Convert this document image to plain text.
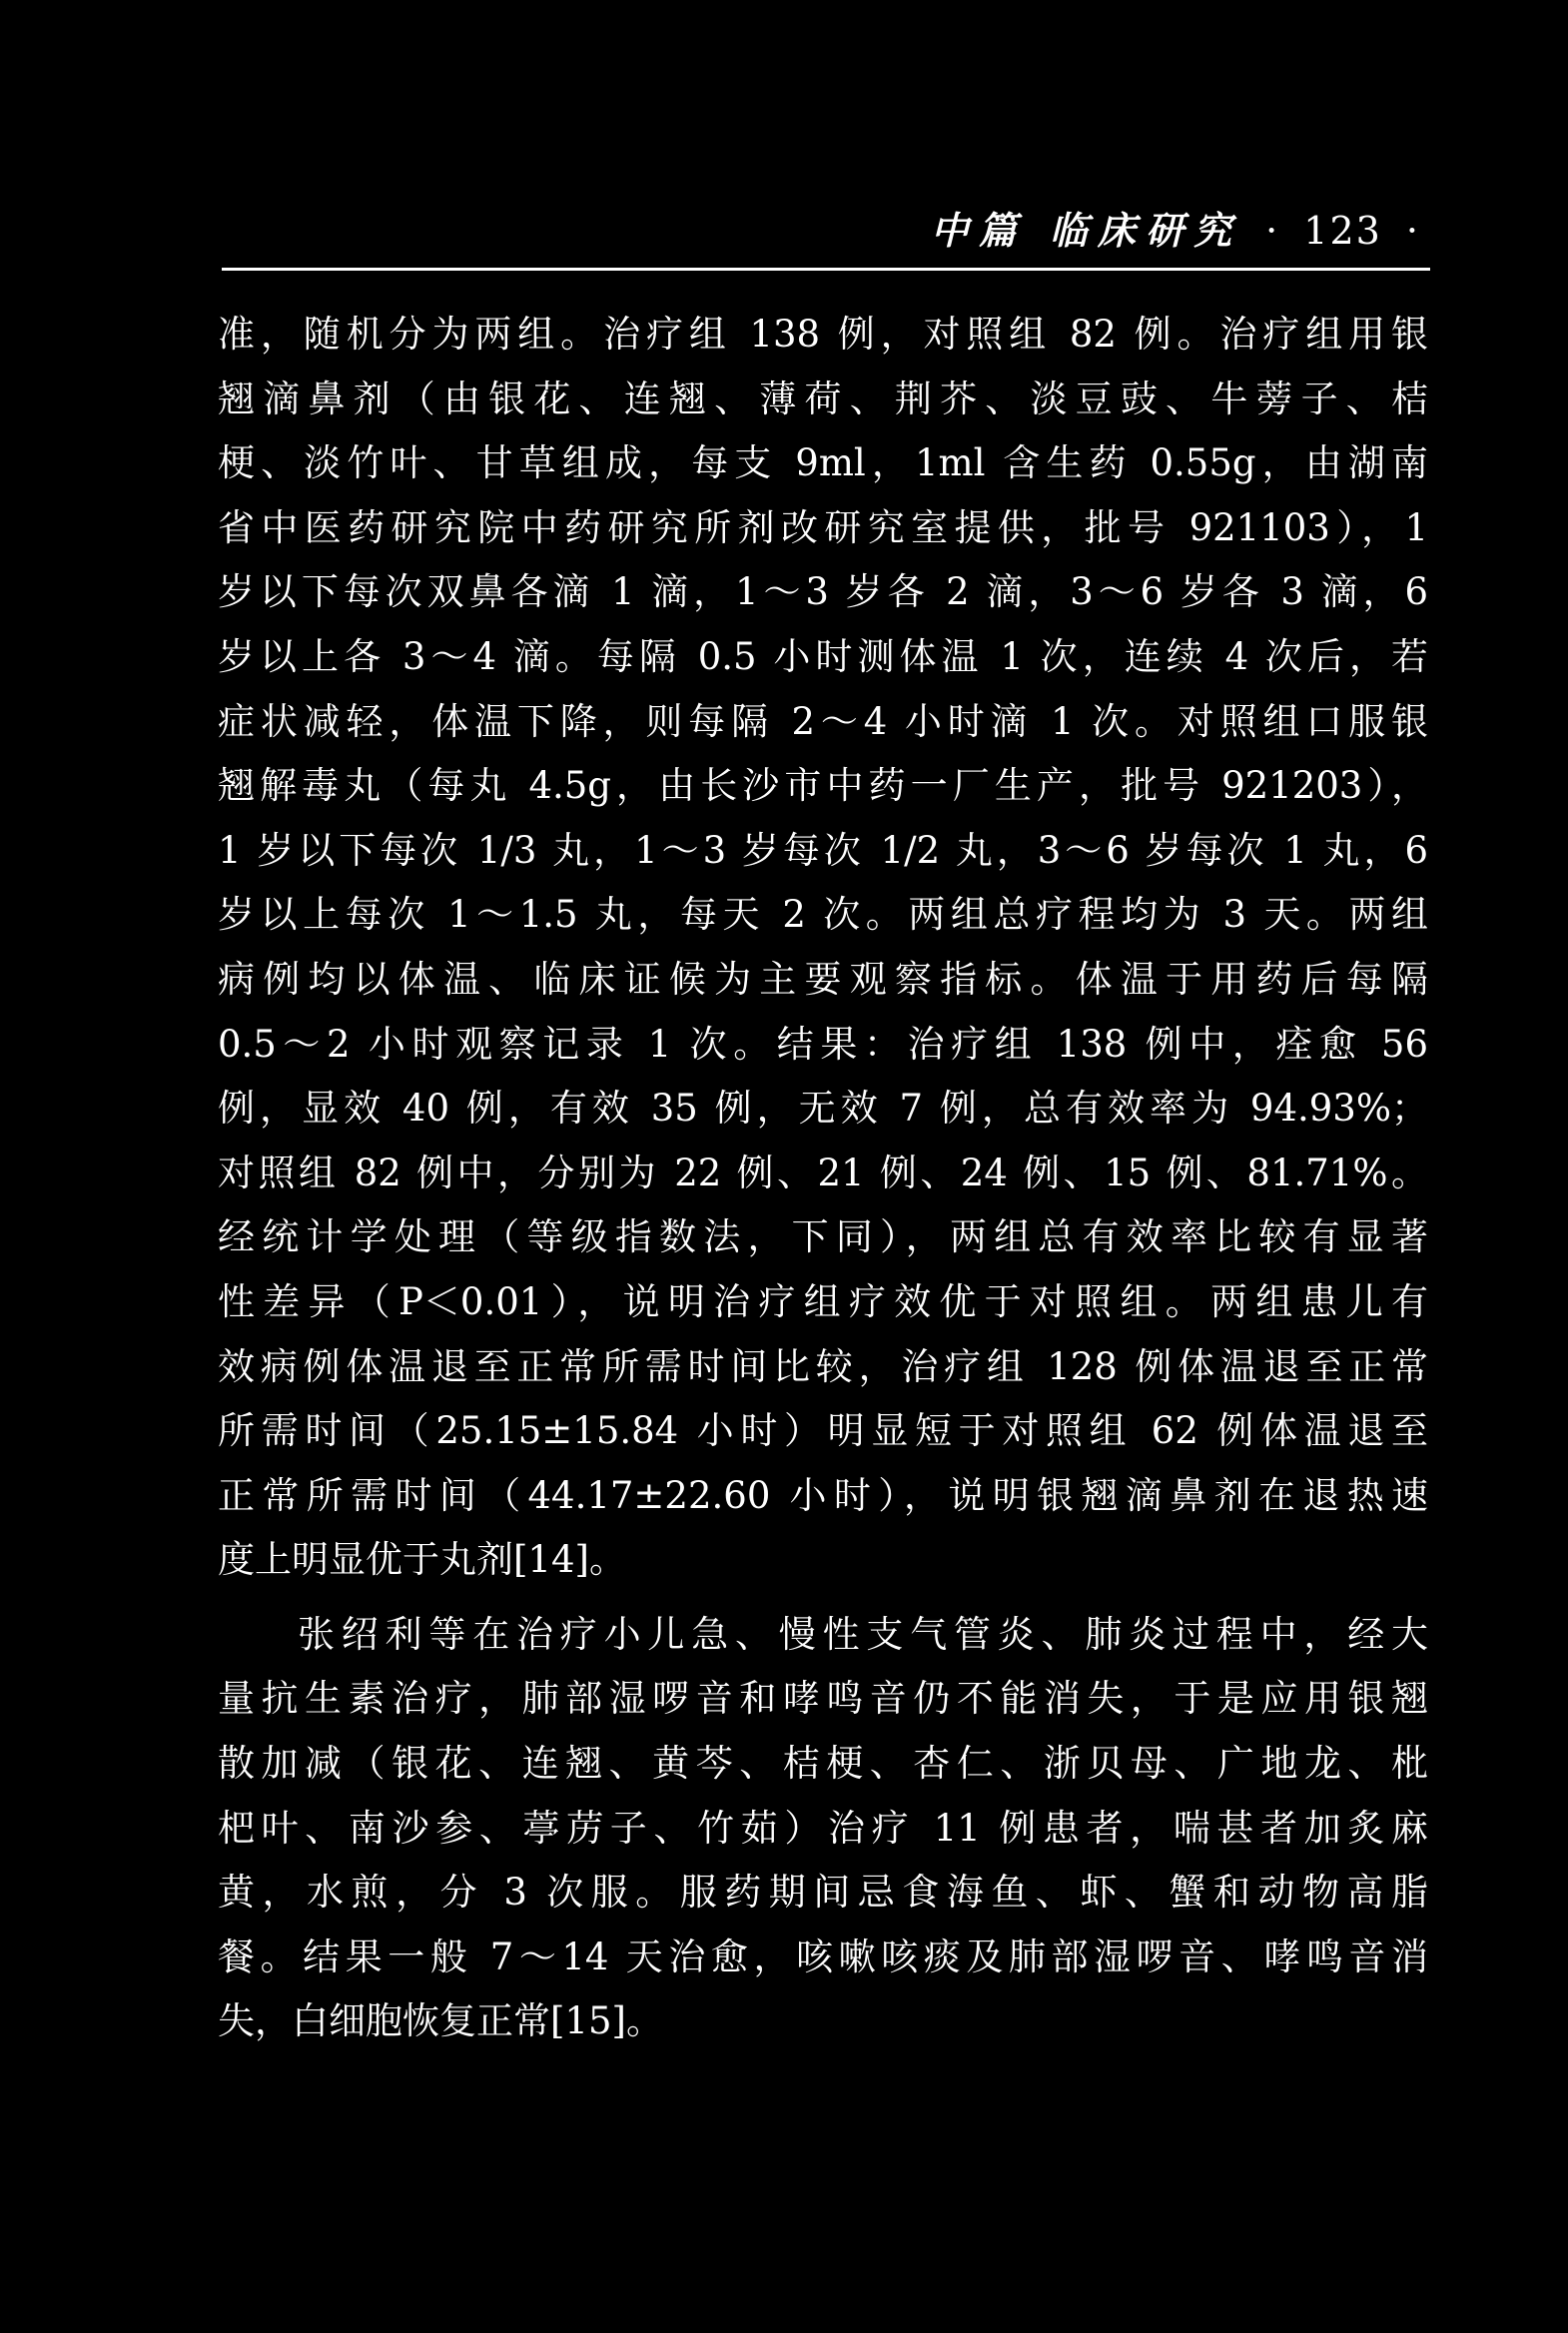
中篇 临床研究 · 123 ·
准，随机分为两组。治疗组 138 例，对照组 82 例。治疗组用银
翘滴鼻剂（由银花、连翘、薄荷、荆芥、淡豆豉、牛蒡子、桔
梗、淡竹叶、甘草组成，每支 9ml，1ml 含生药 0.55g，由湖南
省中医药研究院中药研究所剂改研究室提供，批号 921103），1
岁以下每次双鼻各滴 1 滴，1～3 岁各 2 滴，3～6 岁各 3 滴，6
岁以上各 3～4 滴。每隔 0.5 小时测体温 1 次，连续 4 次后，若
症状减轻，体温下降，则每隔 2～4 小时滴 1 次。对照组口服银
翘解毒丸（每丸 4.5g，由长沙市中药一厂生产，批号 921203），
1 岁以下每次 1/3 丸，1～3 岁每次 1/2 丸，3～6 岁每次 1 丸，6
岁以上每次 1～1.5 丸，每天 2 次。两组总疗程均为 3 天。两组
病例均以体温、临床证候为主要观察指标。体温于用药后每隔
0.5～2 小时观察记录 1 次。结果：治疗组 138 例中，痊愈 56
例，显效 40 例，有效 35 例，无效 7 例，总有效率为 94.93%；
对照组 82 例中，分别为 22 例、21 例、24 例、15 例、81.71%。
经统计学处理（等级指数法，下同），两组总有效率比较有显著
性差异（P＜0.01），说明治疗组疗效优于对照组。两组患儿有
效病例体温退至正常所需时间比较，治疗组 128 例体温退至正常
所需时间（25.15±15.84 小时）明显短于对照组 62 例体温退至
正常所需时间（44.17±22.60 小时），说明银翘滴鼻剂在退热速
度上明显优于丸剂[14]。
张绍利等在治疗小儿急、慢性支气管炎、肺炎过程中，经大
量抗生素治疗，肺部湿啰音和哮鸣音仍不能消失，于是应用银翘
散加减（银花、连翘、黄芩、桔梗、杏仁、浙贝母、广地龙、枇
杷叶、南沙参、葶苈子、竹茹）治疗 11 例患者，喘甚者加炙麻
黄，水煎，分 3 次服。服药期间忌食海鱼、虾、蟹和动物高脂
餐。结果一般 7～14 天治愈，咳嗽咳痰及肺部湿啰音、哮鸣音消
失，白细胞恢复正常[15]。
